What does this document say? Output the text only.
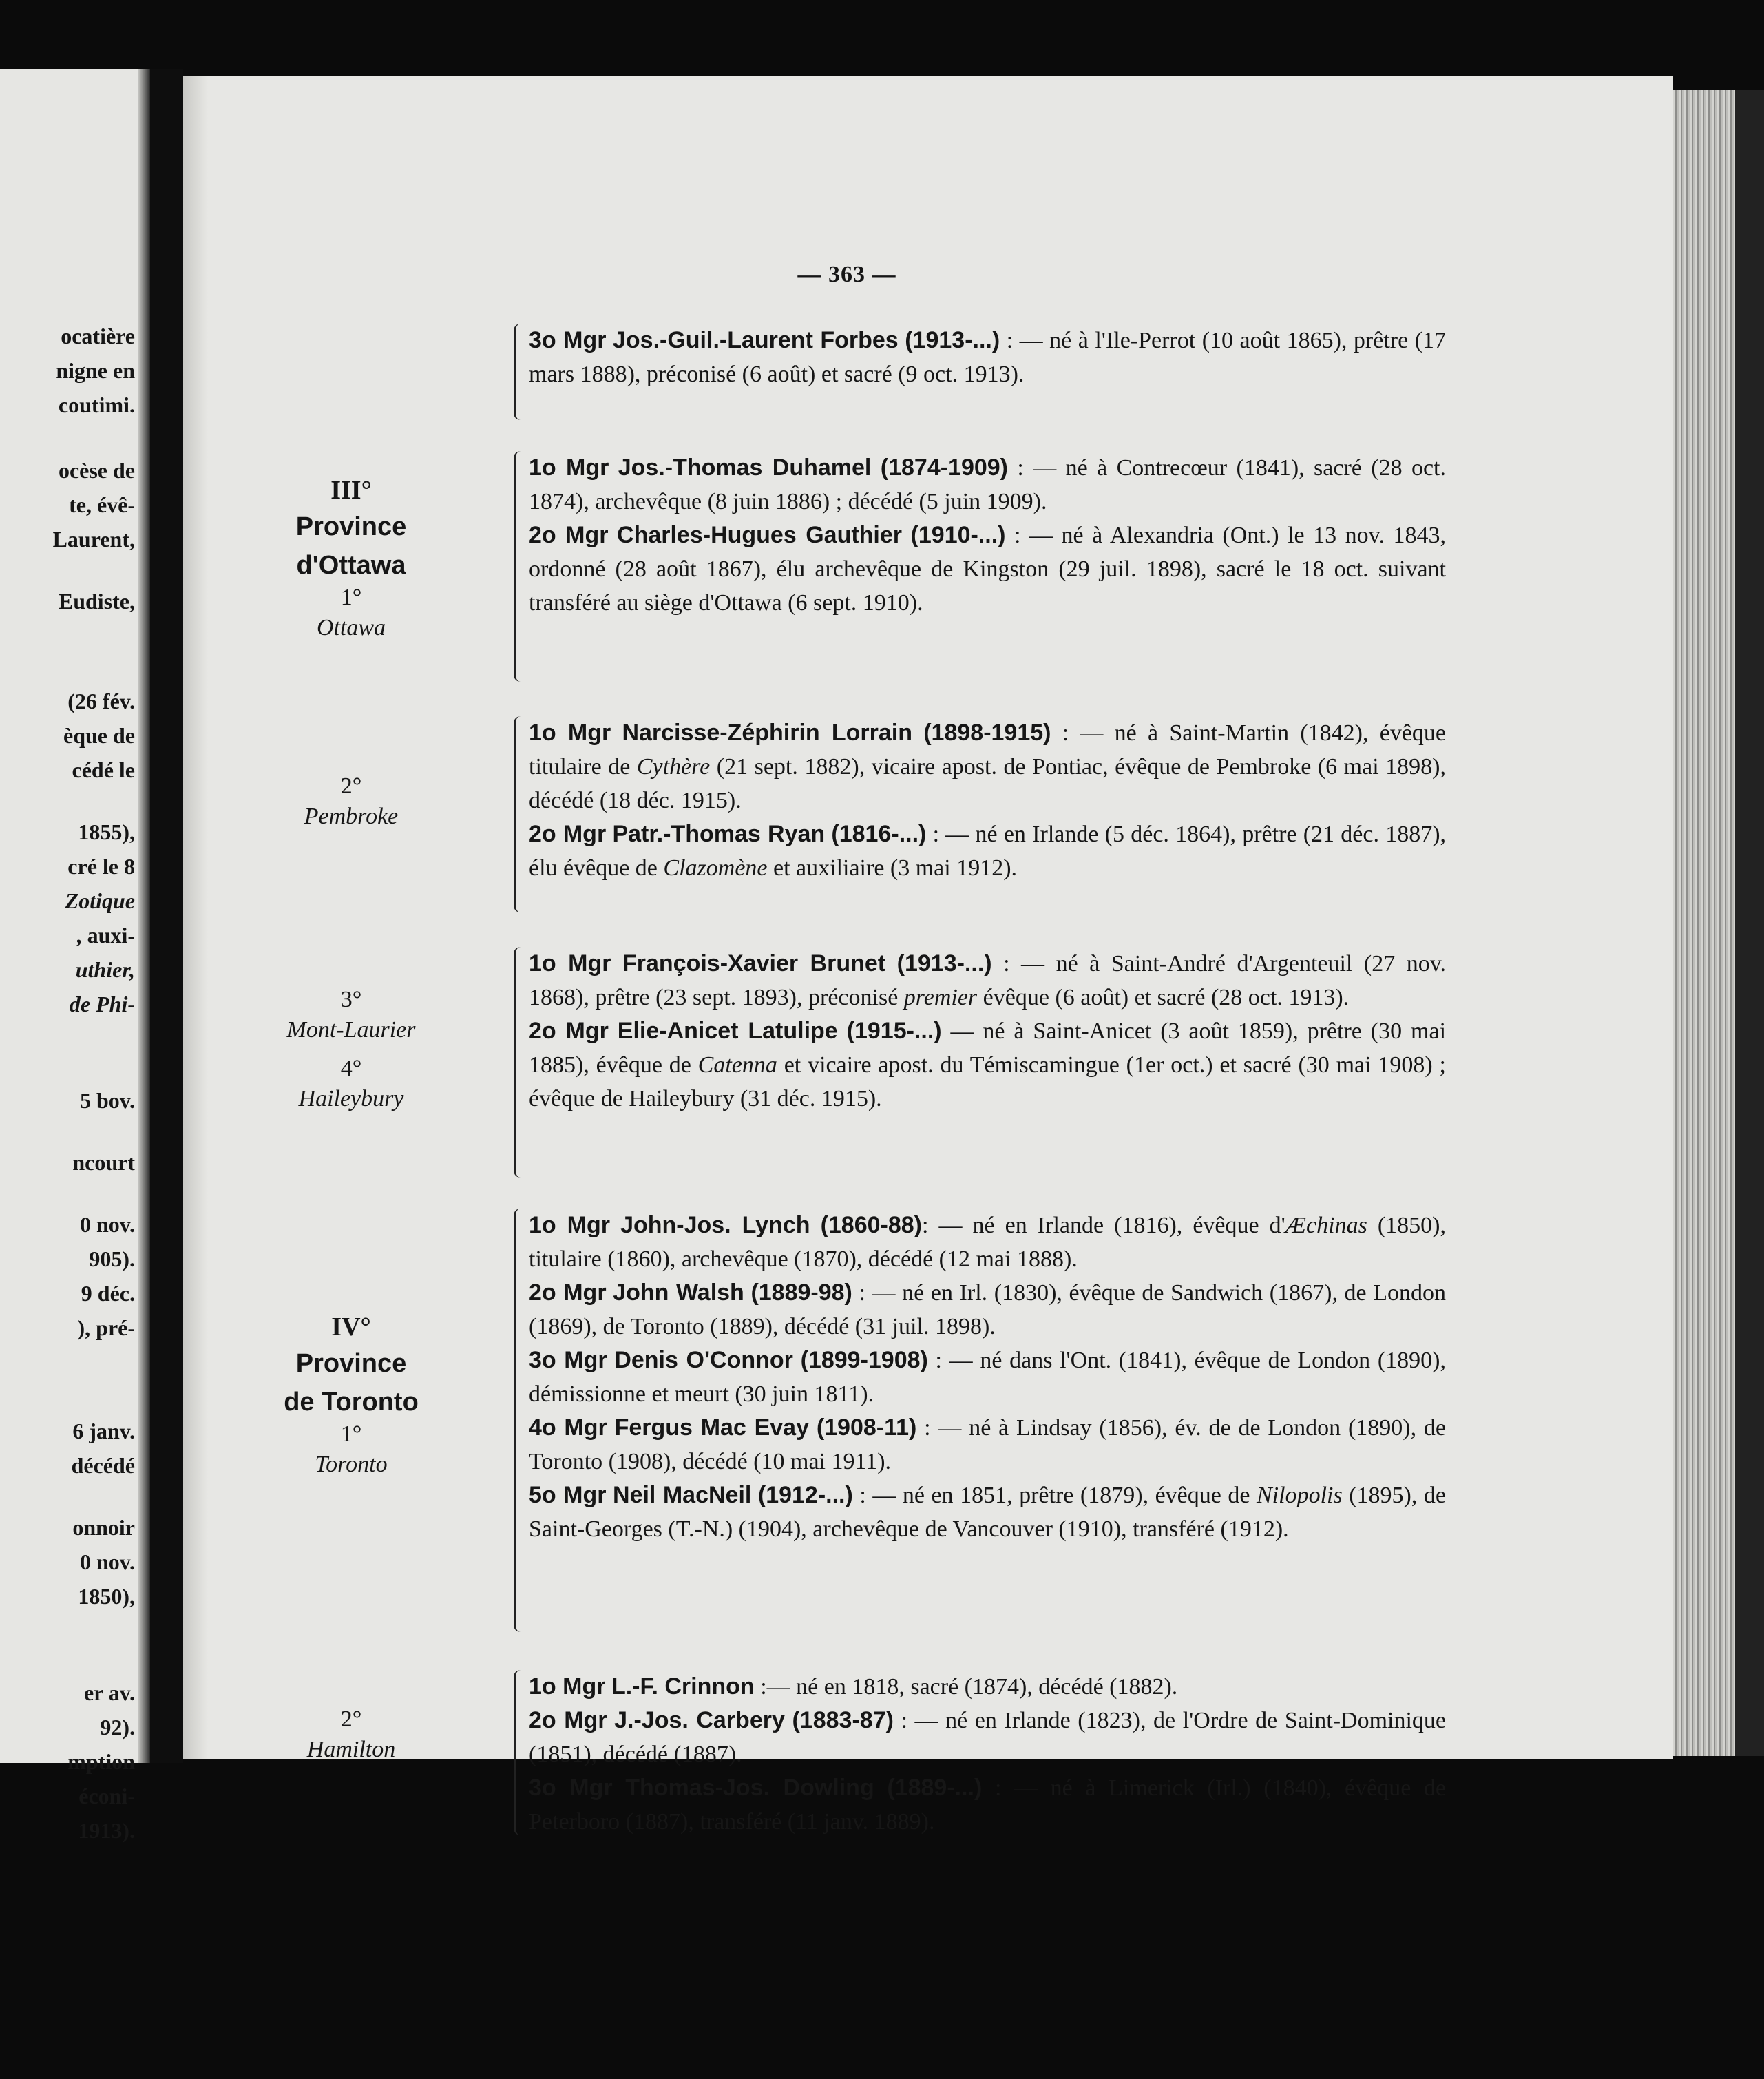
ocatière
nigne en
coutimi.
ocèse de
te, évê-
Laurent,
Eudiste,
(26 fév.
èque de
cédé le
1855),
cré le 8
Zotique
, auxi-
uthier,
de Phi-
5 bov.
ncourt
0 nov.
905).
9 déc.
), pré-
6 janv.
décédé
onnoir
0 nov.
1850),
er av.
92).
mption
éconi-
1913).
— 363 —
III°
Province
d'Ottawa
1°
Ottawa
2°
Pembroke
3°
Mont-Laurier
4°
Haileybury
IV°
Province
de Toronto
1°
Toronto
2°
Hamilton
3o Mgr Jos.-Guil.-Laurent Forbes (1913-...) : — né à l'Ile-Perrot (10 août 1865), prêtre (17 mars 1888), préconisé (6 août) et sacré (9 oct. 1913).
1o Mgr Jos.-Thomas Duhamel (1874-1909) : — né à Contrecœur (1841), sacré (28 oct. 1874), archevêque (8 juin 1886) ; décédé (5 juin 1909).
2o Mgr Charles-Hugues Gauthier (1910-...) : — né à Alexandria (Ont.) le 13 nov. 1843, ordonné (28 août 1867), élu archevêque de Kingston (29 juil. 1898), sacré le 18 oct. suivant transféré au siège d'Ottawa (6 sept. 1910).
1o Mgr Narcisse-Zéphirin Lorrain (1898-1915) : — né à Saint-Martin (1842), évêque titulaire de Cythère (21 sept. 1882), vicaire apost. de Pontiac, évêque de Pembroke (6 mai 1898), décédé (18 déc. 1915).
2o Mgr Patr.-Thomas Ryan (1816-...) : — né en Irlande (5 déc. 1864), prêtre (21 déc. 1887), élu évêque de Clazomène et auxiliaire (3 mai 1912).
1o Mgr François-Xavier Brunet (1913-...) : — né à Saint-André d'Argenteuil (27 nov. 1868), prêtre (23 sept. 1893), préconisé premier évêque (6 août) et sacré (28 oct. 1913).
2o Mgr Elie-Anicet Latulipe (1915-...) — né à Saint-Anicet (3 août 1859), prêtre (30 mai 1885), évêque de Catenna et vicaire apost. du Témiscamingue (1er oct.) et sacré (30 mai 1908) ; évêque de Haileybury (31 déc. 1915).
1o Mgr John-Jos. Lynch (1860-88): — né en Irlande (1816), évêque d'Æchinas (1850), titulaire (1860), archevêque (1870), décédé (12 mai 1888).
2o Mgr John Walsh (1889-98) : — né en Irl. (1830), évêque de Sandwich (1867), de London (1869), de Toronto (1889), décédé (31 juil. 1898).
3o Mgr Denis O'Connor (1899-1908) : — né dans l'Ont. (1841), évêque de London (1890), démissionne et meurt (30 juin 1811).
4o Mgr Fergus Mac Evay (1908-11) : — né à Lindsay (1856), év. de de London (1890), de Toronto (1908), décédé (10 mai 1911).
5o Mgr Neil MacNeil (1912-...) : — né en 1851, prêtre (1879), évêque de Nilopolis (1895), de Saint-Georges (T.-N.) (1904), archevêque de Vancouver (1910), transféré (1912).
1o Mgr L.-F. Crinnon :— né en 1818, sacré (1874), décédé (1882).
2o Mgr J.-Jos. Carbery (1883-87) : — né en Irlande (1823), de l'Ordre de Saint-Dominique (1851), décédé (1887).
3o Mgr Thomas-Jos. Dowling (1889-...) : — né à Limerick (Irl.) (1840), évêque de Peterboro (1887), transféré (11 janv. 1889).
